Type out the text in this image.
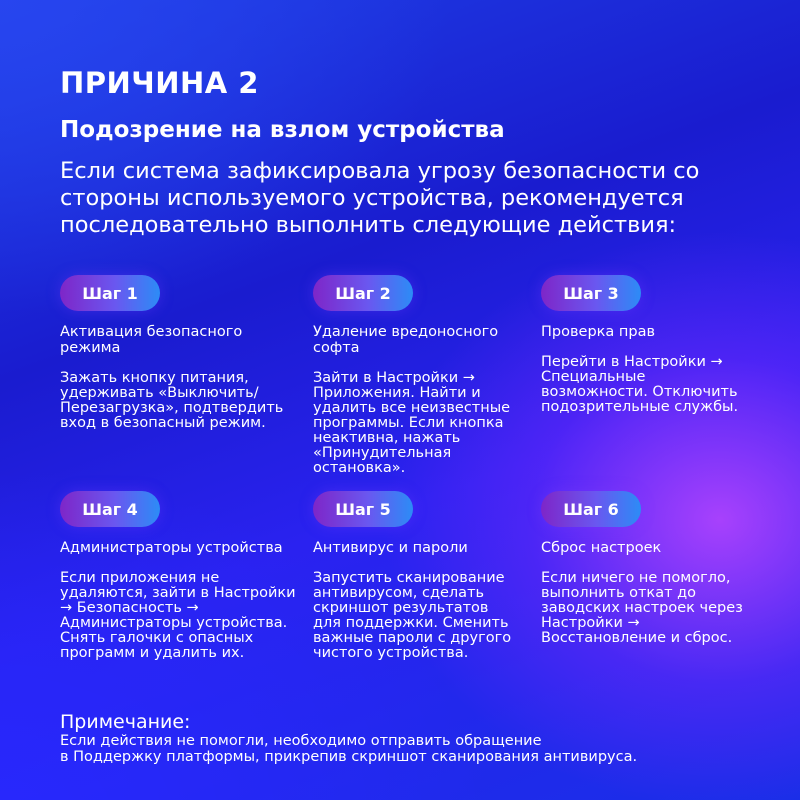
ПРИЧИНА 2
Подозрение на взлом устройства

Если система зафиксировала угрозу безопасности со стороны используемого устройства, рекомендуется последовательно выполнить следующие действия:

Шаг 1

Активация безопасного
режима

Зажать кнопку питания,
удерживать «Выключить/
Перезагрузка», подтвердить
вход в безопасный режим.

Шаг 2

Удаление вредоносного
софта

Зайти в Настройки →
Приложения. Найти и
удалить все неизвестные
программы. Если кнопка
неактивна, нажать
«Принудительная
остановка».

Шаг 3

Проверка прав

Перейти в Настройки →
Специальные
возможности. Отключить
подозрительные службы.

Шаг 4

Администраторы устройства

Если приложения не
удаляются, зайти в Настройки
→ Безопасность →
Администраторы устройства.
Снять галочки с опасных
программ и удалить их.

Шаг 5

Антивирус и пароли

Запустить сканирование
антивирусом, сделать
скриншот результатов
для поддержки. Сменить
важные пароли с другого
чистого устройства.

Шаг 6

Сброс настроек

Если ничего не помогло,
выполнить откат до
заводских настроек через
Настройки →
Восстановление и сброс.

Примечание:

Если действия не помогли, необходимо отправить обращение
в Поддержку платформы, прикрепив скриншот сканирования антивируса.
